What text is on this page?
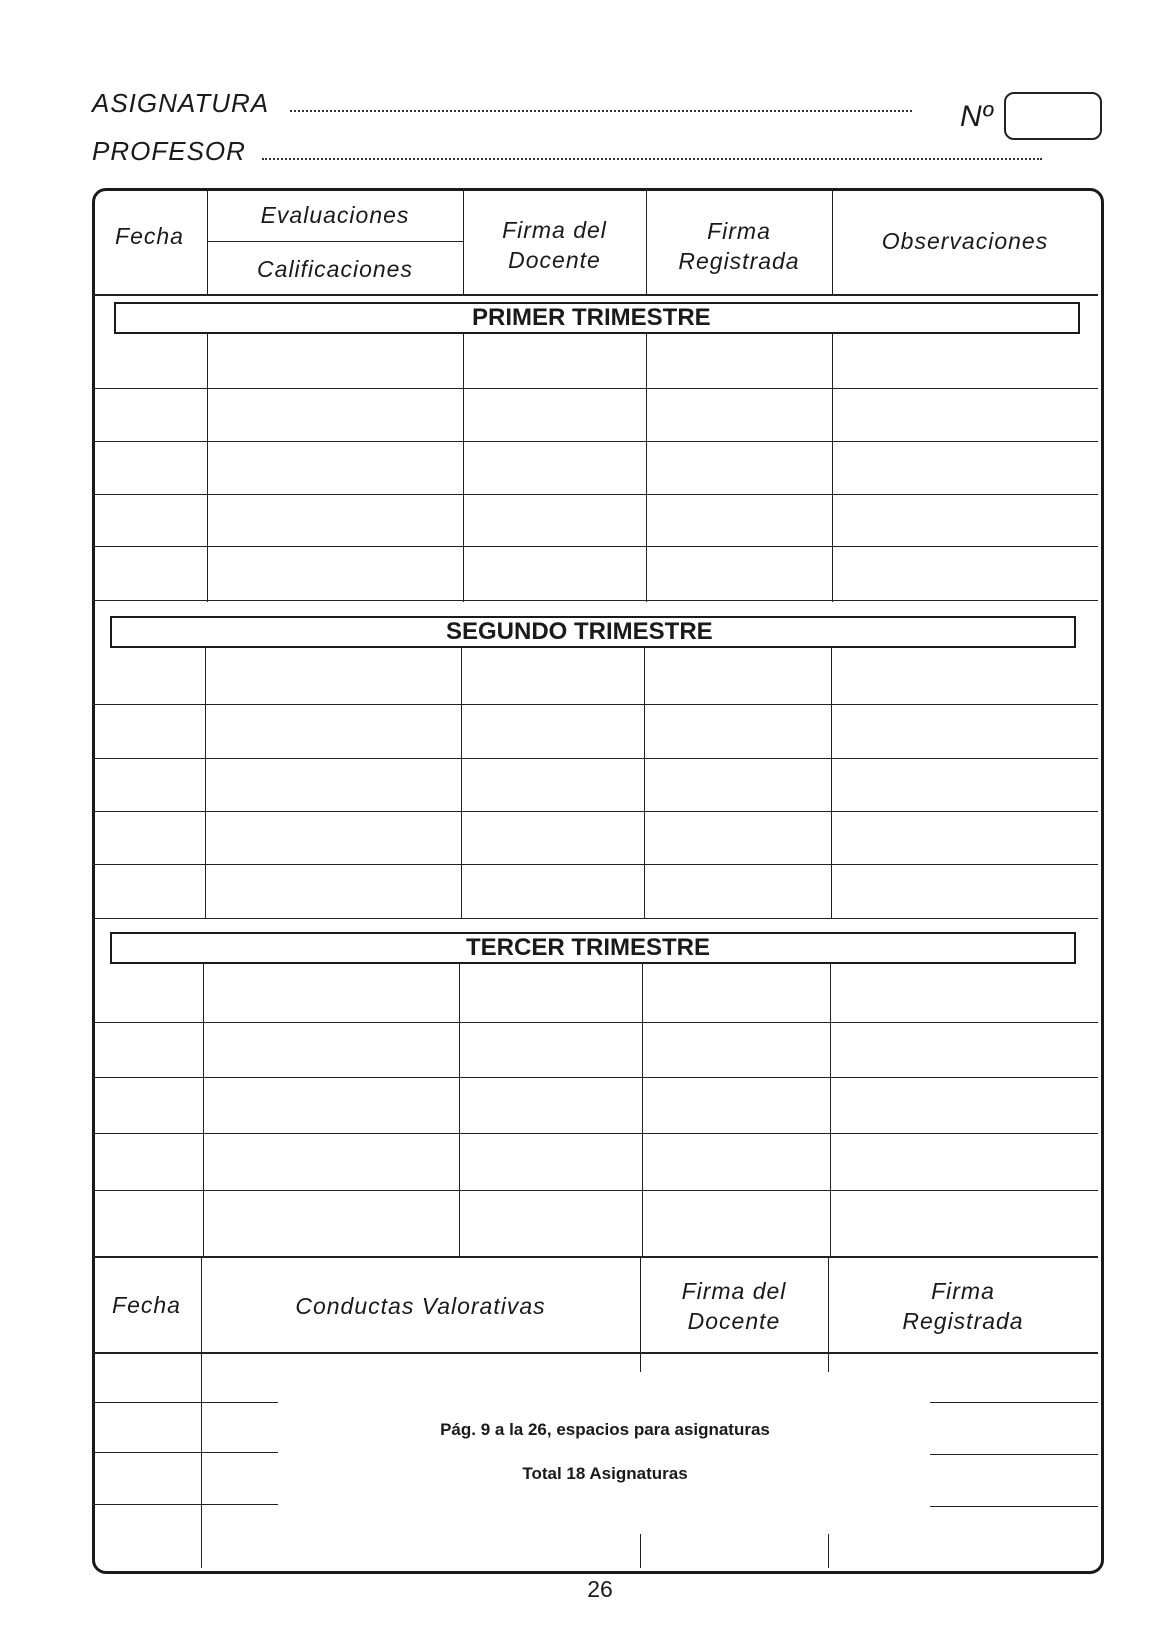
ASIGNATURA
PROFESOR
Nº
Fecha
Evaluaciones
Calificaciones
Firma del
Docente
Firma
Registrada
Observaciones
PRIMER TRIMESTRE
SEGUNDO TRIMESTRE
TERCER TRIMESTRE
Fecha	Conductas Valorativas
Firma del
Docente
Firma
Registrada
Pág. 9 a la 26, espacios para asignaturas
Total 18 Asignaturas
26
